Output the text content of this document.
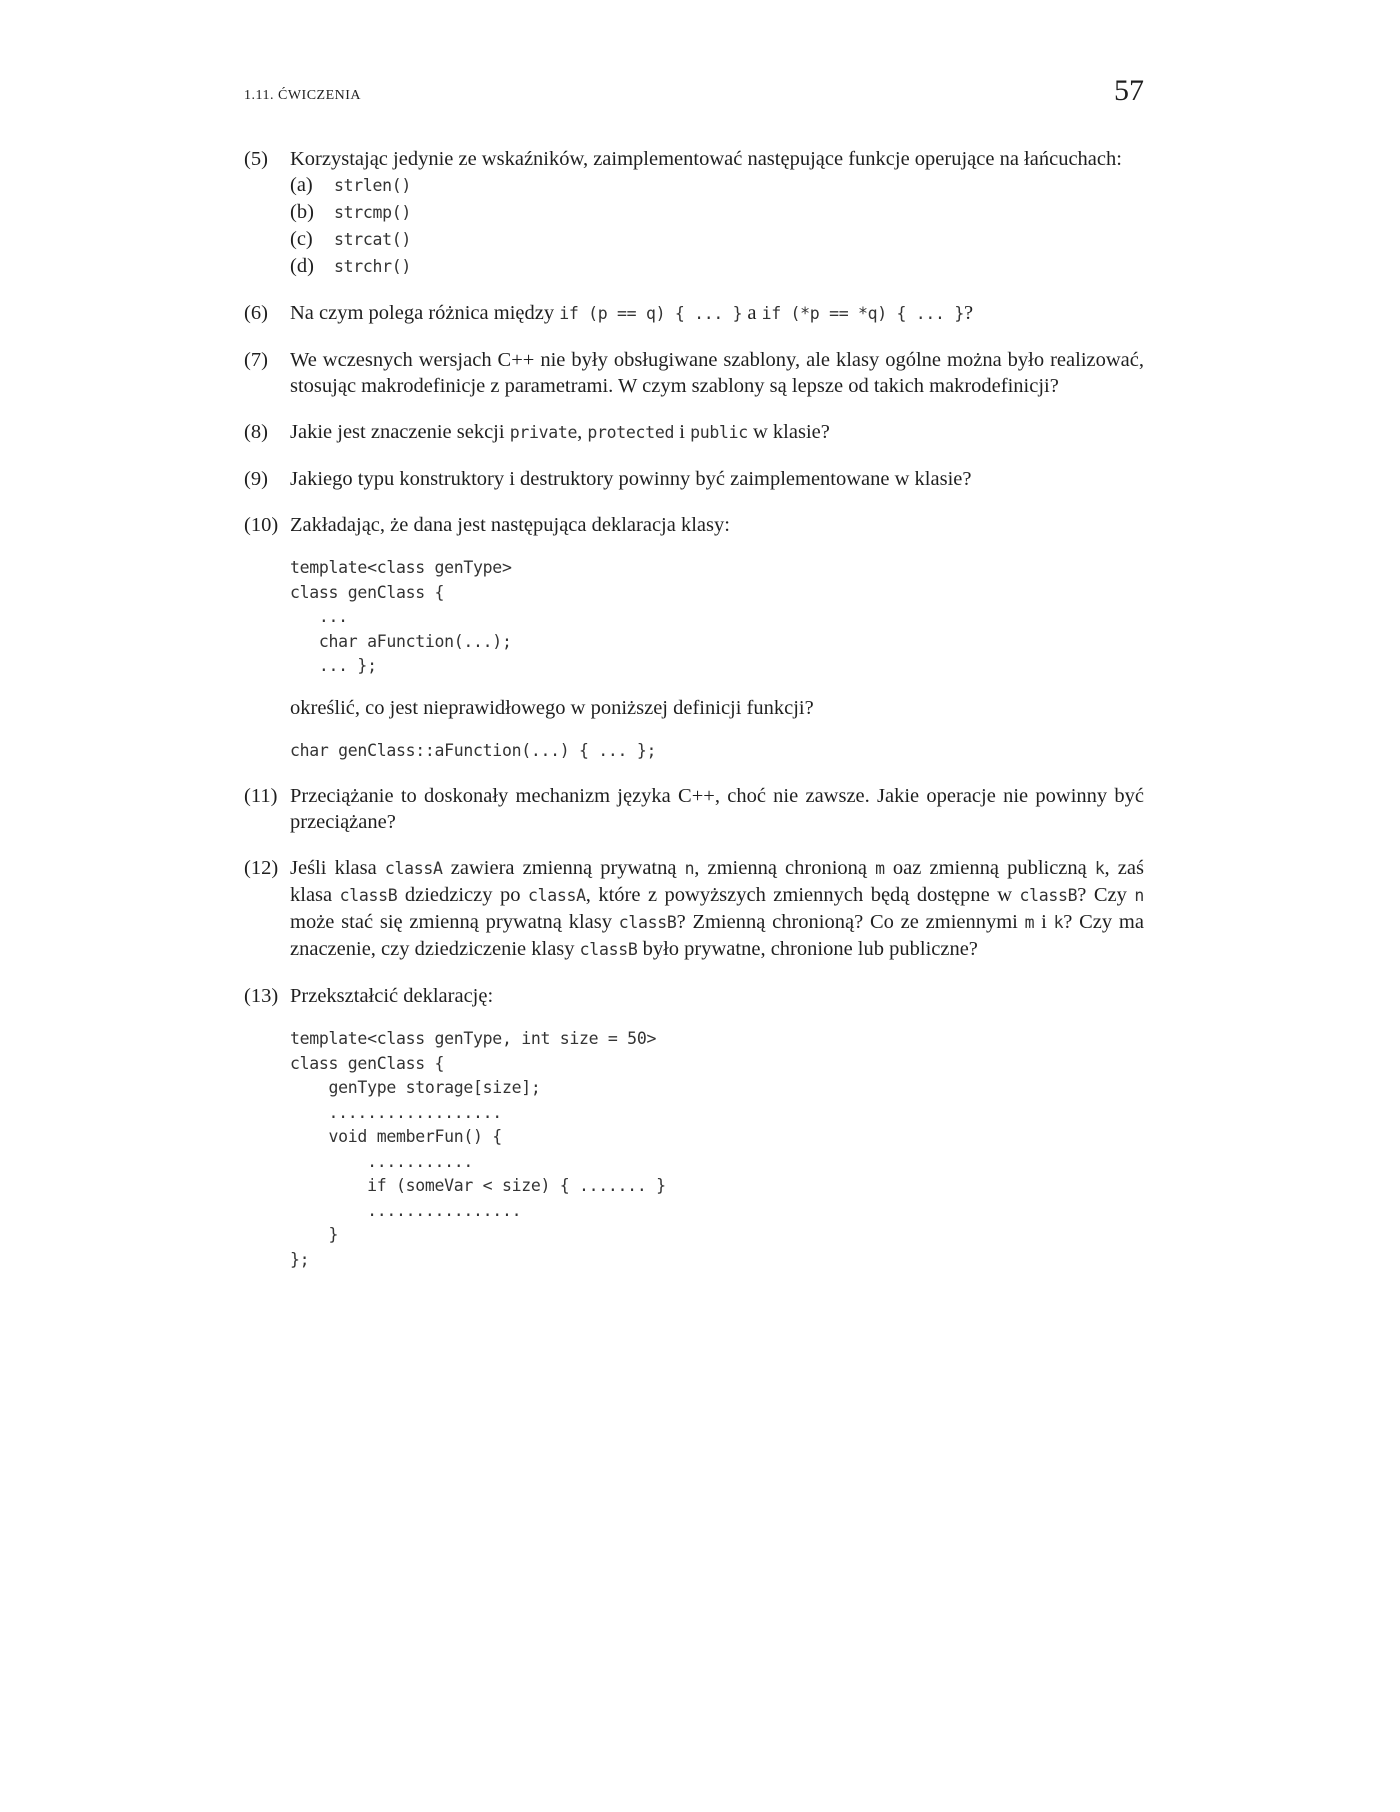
1.11. ĆWICZENIA	57
(5) Korzystając jedynie ze wskaźników, zaimplementować następujące funkcje operujące na łańcuchach:
(a) strlen()
(b) strcmp()
(c) strcat()
(d) strchr()
(6) Na czym polega różnica między if (p == q) { ... } a if (*p == *q) { ... }?
(7) We wczesnych wersjach C++ nie były obsługiwane szablony, ale klasy ogólne można było realizować, stosując makrodefinicje z parametrami. W czym szablony są lepsze od takich makrodefinicji?
(8) Jakie jest znaczenie sekcji private, protected i public w klasie?
(9) Jakiego typu konstruktory i destruktory powinny być zaimplementowane w klasie?
(10) Zakładając, że dana jest następująca deklaracja klasy:
template<class genType>
class genClass {
...
char aFunction(...);
... };
określić, co jest nieprawidłowego w poniższej definicji funkcji?
char genClass::aFunction(...) { ... };
(11) Przeciążanie to doskonały mechanizm języka C++, choć nie zawsze. Jakie operacje nie powinny być przeciążane?
(12) Jeśli klasa classA zawiera zmienną prywatną n, zmienną chronioną m oaz zmienną publiczną k, zaś klasa classB dziedziczy po classA, które z powyższych zmiennych będą dostępne w classB? Czy n może stać się zmienną prywatną klasy classB? Zmienną chronioną? Co ze zmiennymi m i k? Czy ma znaczenie, czy dziedziczenie klasy classB było prywatne, chronione lub publiczne?
(13) Przekształcić deklarację:
template<class genType, int size = 50>
class genClass {
genType storage[size];
..................
void memberFun() {
...........
if (someVar < size) { ....... }
................
}
};
